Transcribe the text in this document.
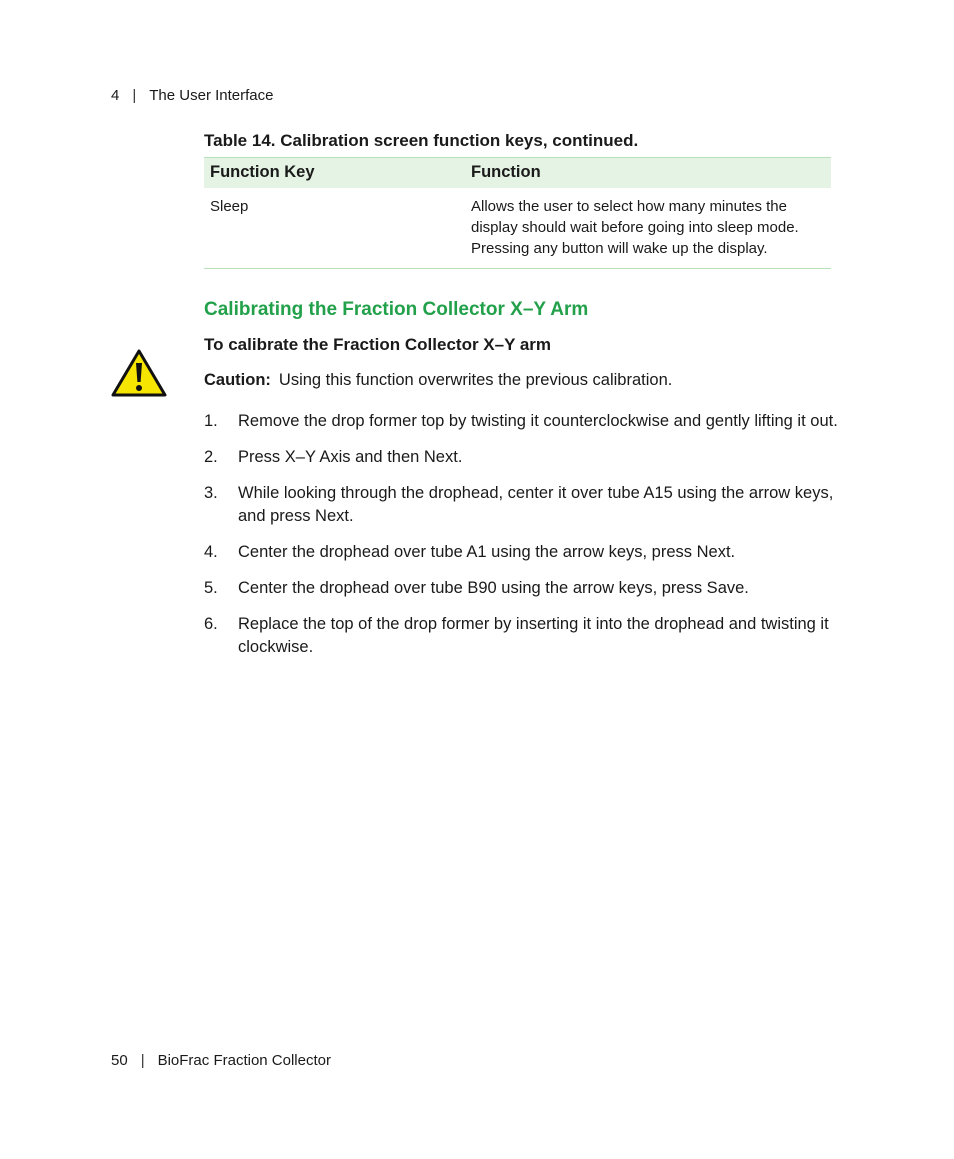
4 | The User Interface
Table 14. Calibration screen function keys, continued.
Function Key	Function
Sleep	Allows the user to select how many minutes the display should wait before going into sleep mode. Pressing any button will wake up the display.
Calibrating the Fraction Collector X–Y Arm
To calibrate the Fraction Collector X–Y arm
Caution: Using this function overwrites the previous calibration.
1. Remove the drop former top by twisting it counterclockwise and gently lifting it out.
2. Press X–Y Axis and then Next.
3. While looking through the drophead, center it over tube A15 using the arrow keys, and press Next.
4. Center the drophead over tube A1 using the arrow keys, press Next.
5. Center the drophead over tube B90 using the arrow keys, press Save.
6. Replace the top of the drop former by inserting it into the drophead and twisting it clockwise.
50 | BioFrac Fraction Collector
